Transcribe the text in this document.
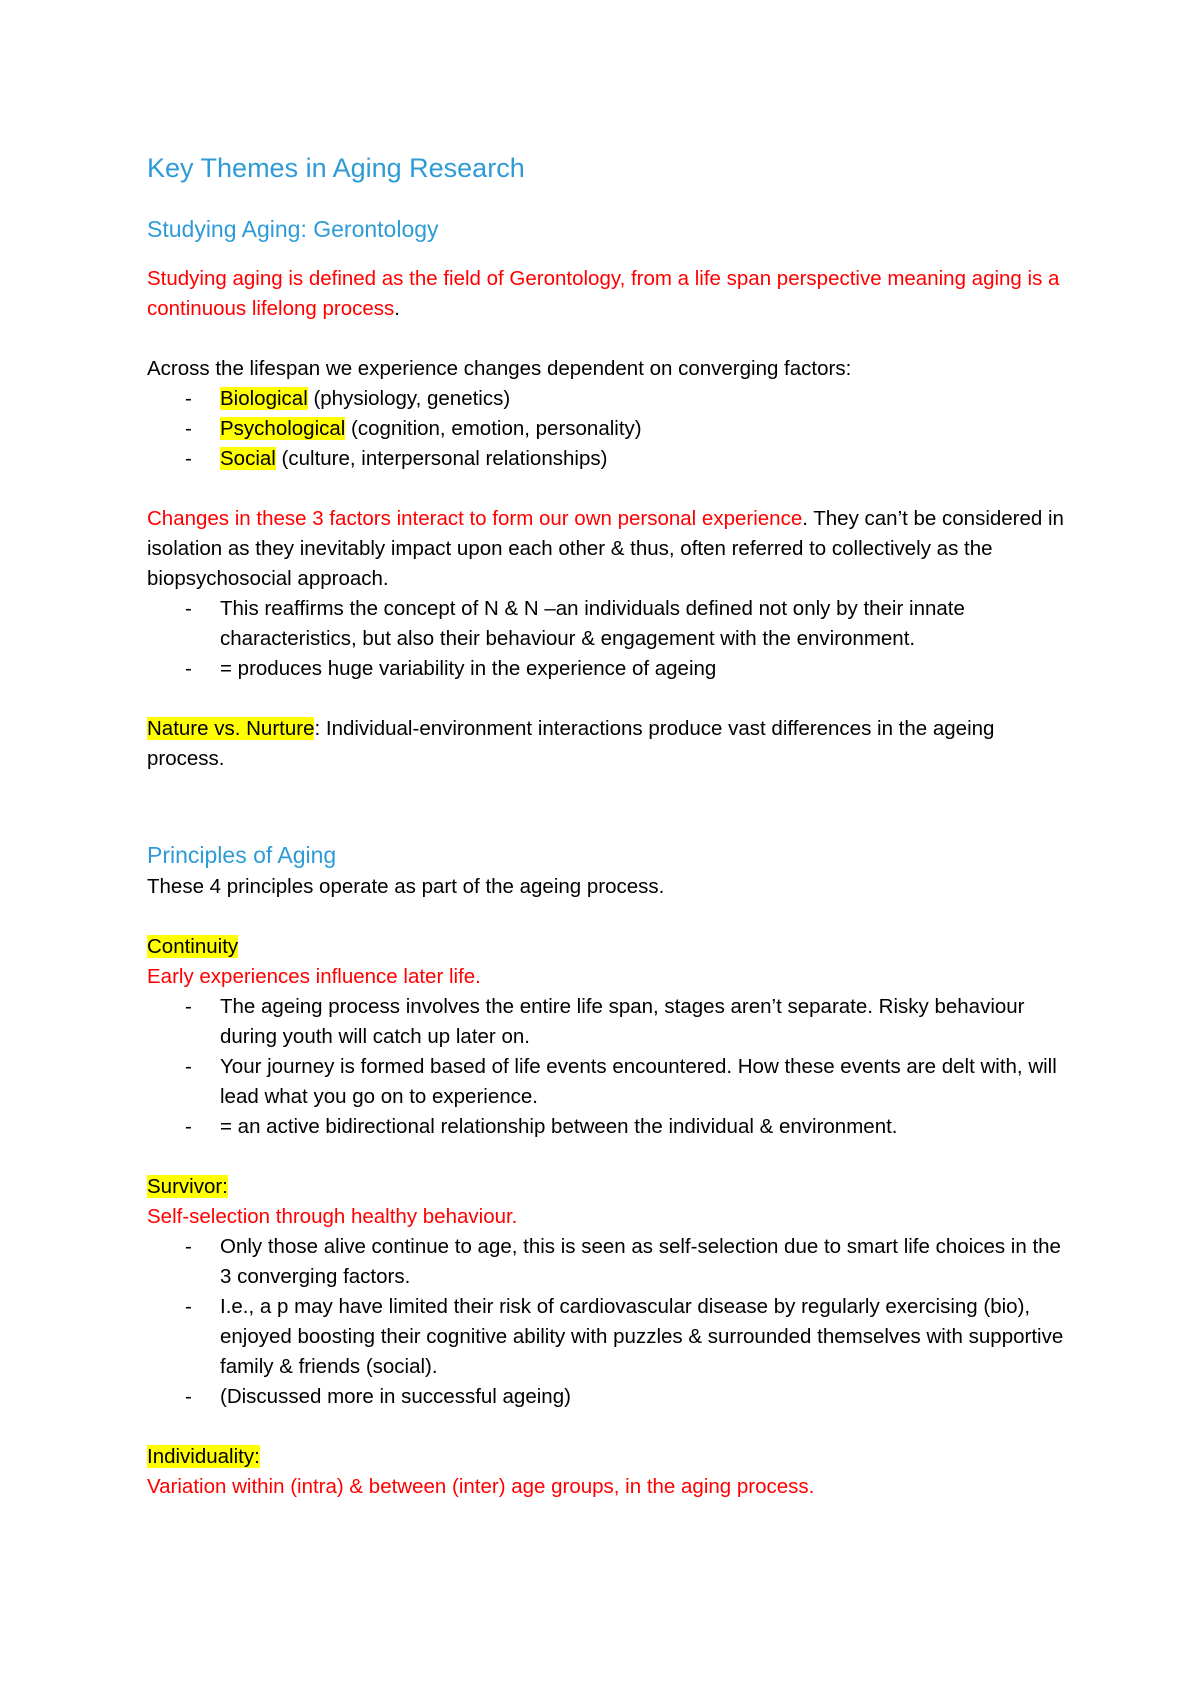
Key Themes in Aging Research
Studying Aging: Gerontology

Studying aging is defined as the field of Gerontology, from a life span perspective meaning aging is a continuous lifelong process.

Across the lifespan we experience changes dependent on converging factors:

- Biological (physiology, genetics)
- Psychological (cognition, emotion, personality)
- Social (culture, interpersonal relationships)

Changes in these 3 factors interact to form our own personal experience. They can’t be considered in isolation as they inevitably impact upon each other & thus, often referred to collectively as the biopsychosocial approach.

- This reaffirms the concept of N & N –an individuals defined not only by their innate characteristics, but also their behaviour & engagement with the environment.
- = produces huge variability in the experience of ageing

Nature vs. Nurture: Individual-environment interactions produce vast differences in the ageing process.

Principles of Aging

These 4 principles operate as part of the ageing process.

Continuity

Early experiences influence later life.

- The ageing process involves the entire life span, stages aren’t separate. Risky behaviour during youth will catch up later on.
- Your journey is formed based of life events encountered. How these events are delt with, will lead what you go on to experience.
- = an active bidirectional relationship between the individual & environment.

Survivor:

Self-selection through healthy behaviour.

- Only those alive continue to age, this is seen as self-selection due to smart life choices in the 3 converging factors.
- I.e., a p may have limited their risk of cardiovascular disease by regularly exercising (bio), enjoyed boosting their cognitive ability with puzzles & surrounded themselves with supportive family & friends (social).
- (Discussed more in successful ageing)

Individuality:

Variation within (intra) & between (inter) age groups, in the aging process.
